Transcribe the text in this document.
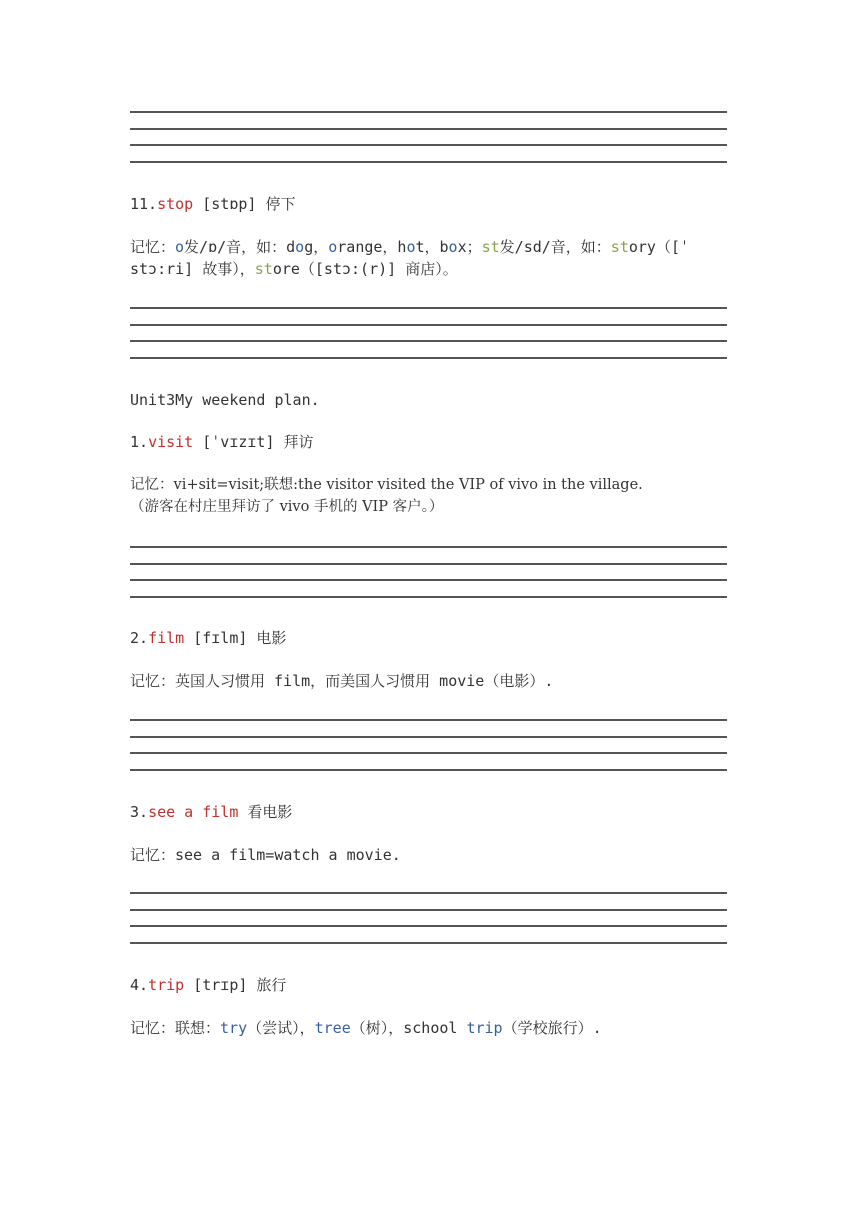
11.stop [stɒp] 停下
记忆：o发/ɒ/音，如：dog，orange，hot，box；st发/sd/音，如：story（[ˈ
stɔ:ri] 故事），store（[stɔ:(r)] 商店）。
Unit3My weekend plan.
1.visit [ˈvɪzɪt] 拜访
记忆：vi+sit=visit;联想:the visitor visited the VIP of vivo in the village.
（游客在村庄里拜访了 vivo 手机的 VIP 客户。）
2.film [fɪlm] 电影
记忆：英国人习惯用 film，而美国人习惯用 movie（电影）.
3.see a film 看电影
记忆：see a film=watch a movie.
4.trip [trɪp] 旅行
记忆：联想：try（尝试），tree（树），school trip（学校旅行）.
